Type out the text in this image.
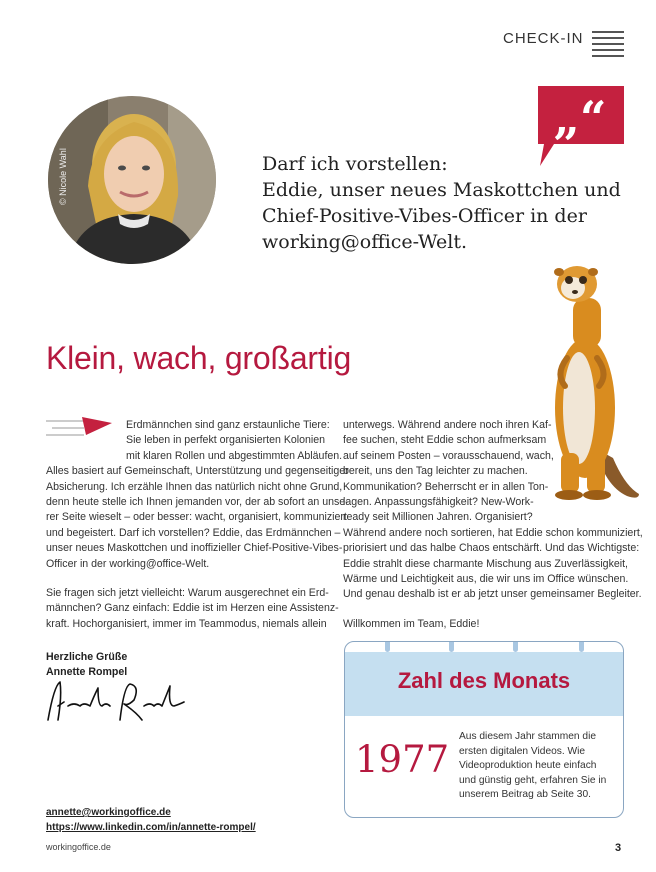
CHECK-IN
„“
© Nicole Wahl	Darf ich vorstellen:
Eddie, unser neues Maskottchen und
Chief-Positive-Vibes-Officer in der
working@office-Welt.
Klein, wach, großartig
Erdmännchen sind ganz erstaunliche Tiere:
Sie leben in perfekt organisierten Kolonien
mit klaren Rollen und abgestimmten Abläufen.
Alles basiert auf Gemeinschaft, Unterstützung und gegenseitiger
Absicherung. Ich erzähle Ihnen das natürlich nicht ohne Grund,
denn heute stelle ich Ihnen jemanden vor, der ab sofort an unse-
rer Seite wieselt – oder besser: wacht, organisiert, kommuniziert
und begeistert. Darf ich vorstellen? Eddie, das Erdmännchen –
unser neues Maskottchen und inoffizieller Chief-Positive-Vibes-
Officer in der working@office-Welt.
Sie fragen sich jetzt vielleicht: Warum ausgerechnet ein Erd-
männchen? Ganz einfach: Eddie ist im Herzen eine Assistenz-
kraft. Hochorganisiert, immer im Teammodus, niemals allein
unterwegs. Während andere noch ihren Kaf-
fee suchen, steht Eddie schon aufmerksam
auf seinem Posten – vorausschauend, wach,
bereit, uns den Tag leichter zu machen.
Kommunikation? Beherrscht er in allen Ton-
lagen. Anpassungsfähigkeit? New-Work-
ready seit Millionen Jahren. Organisiert?
Während andere noch sortieren, hat Eddie schon kommuniziert,
priorisiert und das halbe Chaos entschärft. Und das Wichtigste:
Eddie strahlt diese charmante Mischung aus Zuverlässigkeit,
Wärme und Leichtigkeit aus, die wir uns im Office wünschen.
Und genau deshalb ist er ab jetzt unser gemeinsamer Begleiter.
Willkommen im Team, Eddie!
Herzliche Grüße
Annette Rompel
annette@workingoffice.de
https://www.linkedin.com/in/annette-rompel/
Zahl des Monats
1977
Aus diesem Jahr stammen die
ersten digitalen Videos. Wie
Videoproduktion heute einfach
und günstig geht, erfahren Sie in
unserem Beitrag ab Seite 30.
workingoffice.de	3
